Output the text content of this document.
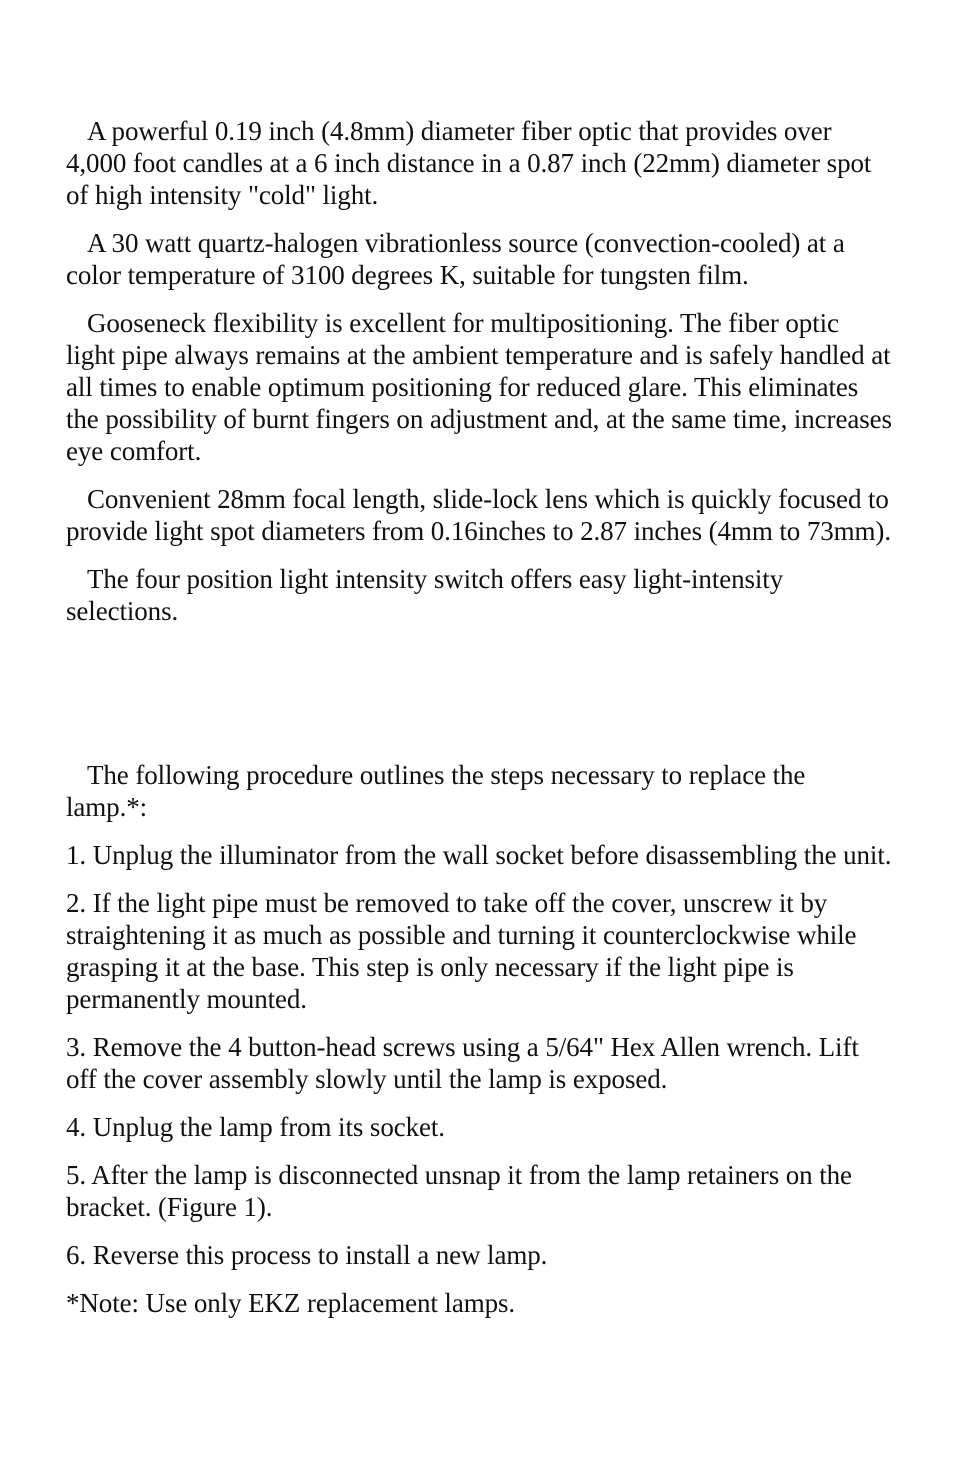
A powerful 0.19 inch (4.8mm) diameter fiber optic that provides over 4,000 foot candles at a 6 inch distance in a 0.87 inch (22mm) diameter spot of high intensity "cold" light.

A 30 watt quartz-halogen vibrationless source (convection-cooled) at a color temperature of 3100 degrees K, suitable for tungsten film.

Gooseneck flexibility is excellent for multipositioning. The fiber optic light pipe always remains at the ambient temperature and is safely handled at all times to enable optimum positioning for reduced glare. This eliminates the possibility of burnt fingers on adjustment and, at the same time, increases eye comfort.

Convenient 28mm focal length, slide-lock lens which is quickly focused to provide light spot diameters from 0.16inches to 2.87 inches (4mm to 73mm).

The four position light intensity switch offers easy light-intensity selections.

The following procedure outlines the steps necessary to replace the lamp.*:

1. Unplug the illuminator from the wall socket before disassembling the unit.

2. If the light pipe must be removed to take off the cover, unscrew it by straightening it as much as possible and turning it counterclockwise while grasping it at the base. This step is only necessary if the light pipe is permanently mounted.

3. Remove the 4 button-head screws using a 5/64" Hex Allen wrench. Lift off the cover assembly slowly until the lamp is exposed.

4. Unplug the lamp from its socket.

5. After the lamp is disconnected unsnap it from the lamp retainers on the bracket. (Figure 1).

6. Reverse this process to install a new lamp.

*Note: Use only EKZ replacement lamps.
